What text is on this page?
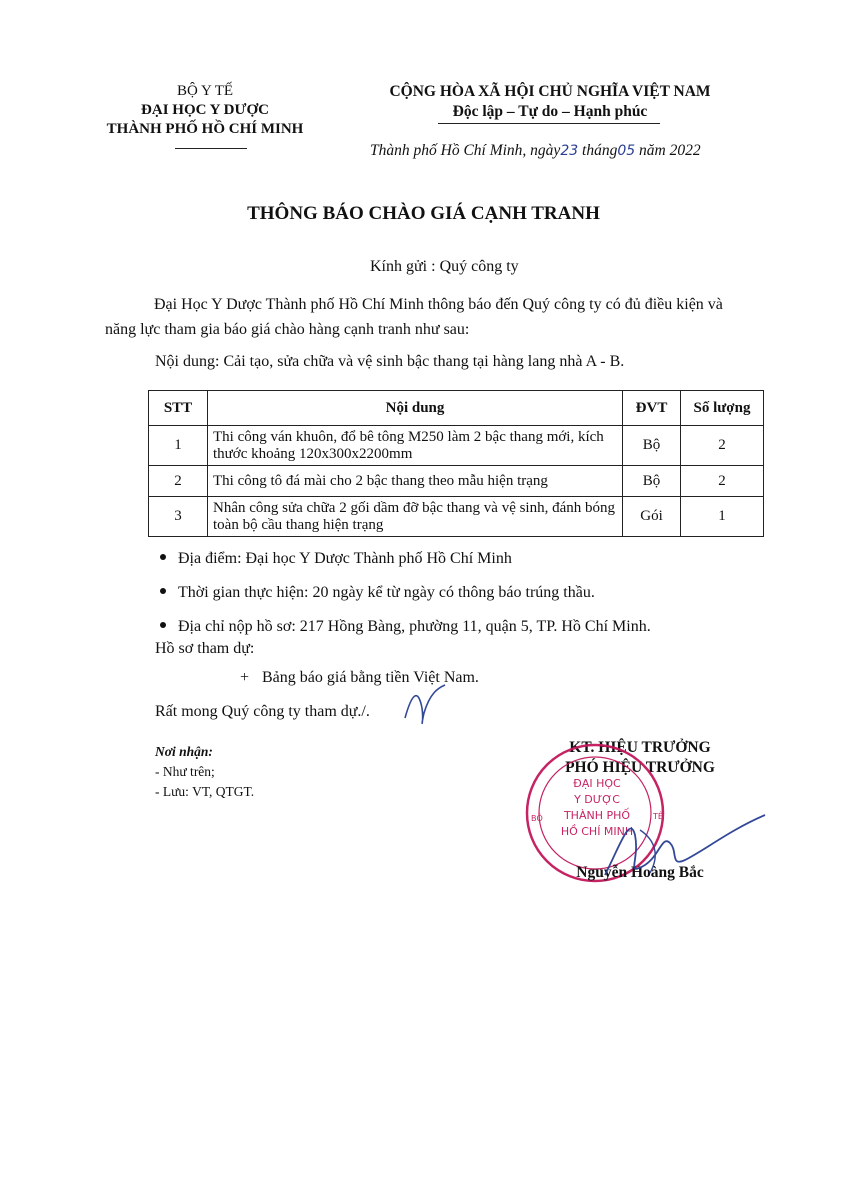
BỘ Y TẾ
ĐẠI HỌC Y DƯỢC
THÀNH PHỐ HỒ CHÍ MINH
CỘNG HÒA XÃ HỘI CHỦ NGHĨA VIỆT NAM
Độc lập – Tự do – Hạnh phúc
Thành phố Hồ Chí Minh, ngày23 tháng05 năm 2022
THÔNG BÁO CHÀO GIÁ CẠNH TRANH
Kính gửi : Quý công ty
Đại Học Y Dược Thành phố Hồ Chí Minh thông báo đến Quý công ty có đủ điều kiện và năng lực tham gia báo giá chào hàng cạnh tranh như sau:
Nội dung: Cải tạo, sửa chữa và vệ sinh bậc thang tại hàng lang nhà A - B.
STT	Nội dung	ĐVT	Số lượng
1	Thi công ván khuôn, đổ bê tông M250 làm 2 bậc thang mới, kích thước khoảng 120x300x2200mm	Bộ	2
2	Thi công tô đá mài cho 2 bậc thang theo mẫu hiện trạng	Bộ	2
3	Nhân công sửa chữa 2 gối dầm đỡ bậc thang và vệ sinh, đánh bóng toàn bộ cầu thang hiện trạng	Gói	1
Địa điểm: Đại học Y Dược Thành phố Hồ Chí Minh
Thời gian thực hiện: 20 ngày kể từ ngày có thông báo trúng thầu.
Địa chỉ nộp hồ sơ: 217 Hồng Bàng, phường 11, quận 5, TP. Hồ Chí Minh.
Hồ sơ tham dự:
+ Bảng báo giá bằng tiền Việt Nam.
Rất mong Quý công ty tham dự./.
Nơi nhận:
- Như trên;
- Lưu: VT, QTGT.
KT. HIỆU TRƯỞNG
PHÓ HIỆU TRƯỞNG
ĐẠI HỌC
Y DƯỢC
THÀNH PHỐ
HỒ CHÍ MINH
BỘ	TẾ
Nguyễn Hoàng Bắc
